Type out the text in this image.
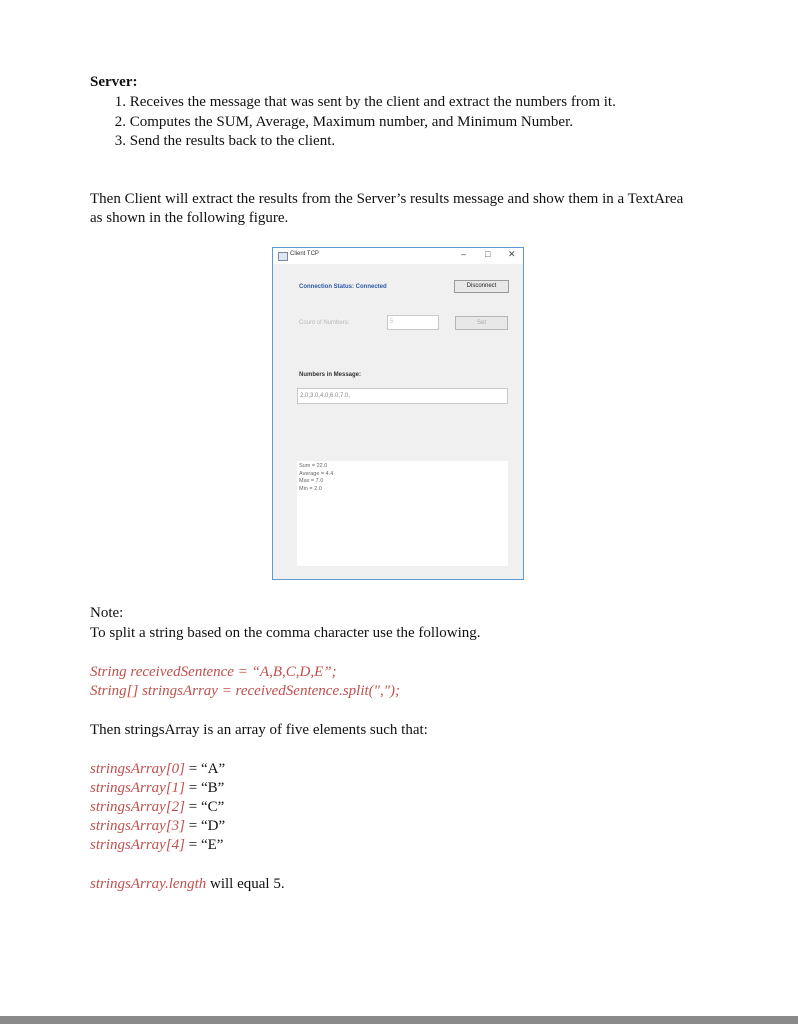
Server:
1. Receives the message that was sent by the client and extract the numbers from it.
2. Computes the SUM, Average, Maximum number, and Minimum Number.
3. Send the results back to the client.
Then Client will extract the results from the Server’s results message and show them in a TextArea
as shown in the following figure.
Client TCP	– □ ✕
Connection Status: Connected	Disconnect
Count of Numbers:	5	Set
Numbers in Message:
2.0,3.0,4.0,6.0,7.0,
Sum = 22.0
Average = 4.4
Max = 7.0
Min = 2.0
Note:
To split a string based on the comma character use the following.
String receivedSentence = “A,B,C,D,E”;
String[] stringsArray = receivedSentence.split(",");
Then stringsArray is an array of five elements such that:
stringsArray[0] = “A”
stringsArray[1] = “B”
stringsArray[2] = “C”
stringsArray[3] = “D”
stringsArray[4] = “E”
stringsArray.length will equal 5.
